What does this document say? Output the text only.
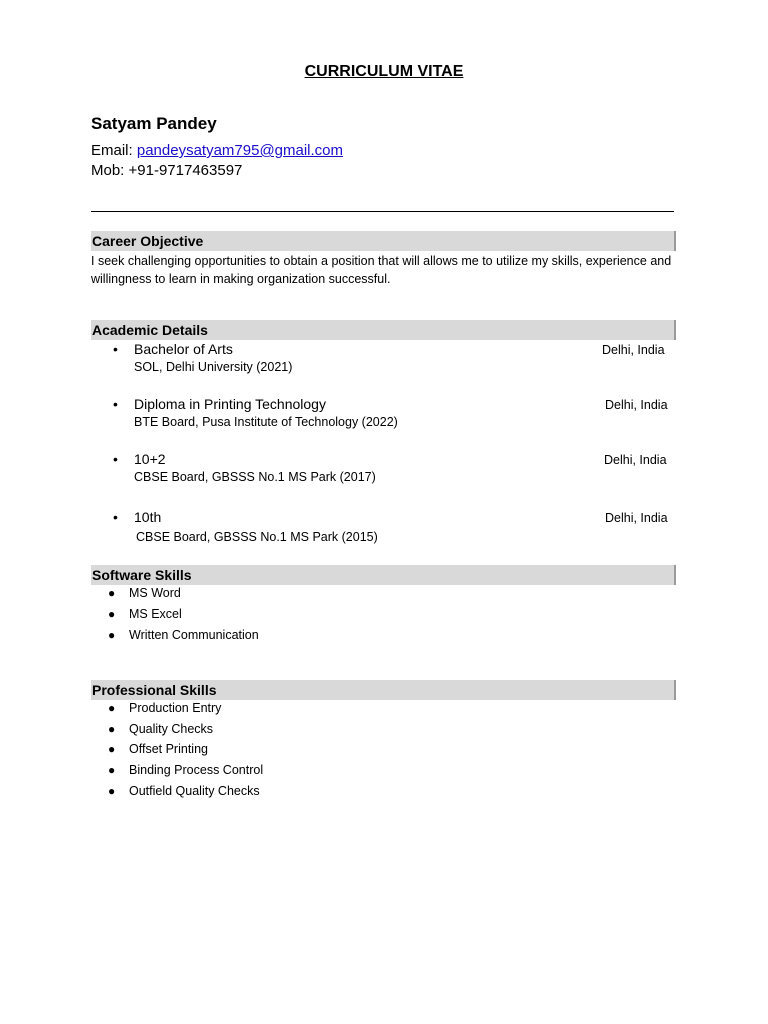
CURRICULUM VITAE
Satyam Pandey
Email: pandeysatyam795@gmail.com
Mob: +91-9717463597
Career Objective
I seek challenging opportunities to obtain a position that will allows me to utilize my skills, experience and willingness to learn in making organization successful.
Academic Details
• Bachelor of Arts	Delhi, India
SOL, Delhi University (2021)
• Diploma in Printing Technology	Delhi, India
BTE Board, Pusa Institute of Technology (2022)
• 10+2	Delhi, India
CBSE Board, GBSSS No.1 MS Park (2017)
• 10th	Delhi, India
CBSE Board, GBSSS No.1 MS Park (2015)
Software Skills
● MS Word
● MS Excel
● Written Communication
Professional Skills
● Production Entry
● Quality Checks
● Offset Printing
● Binding Process Control
● Outfield Quality Checks
